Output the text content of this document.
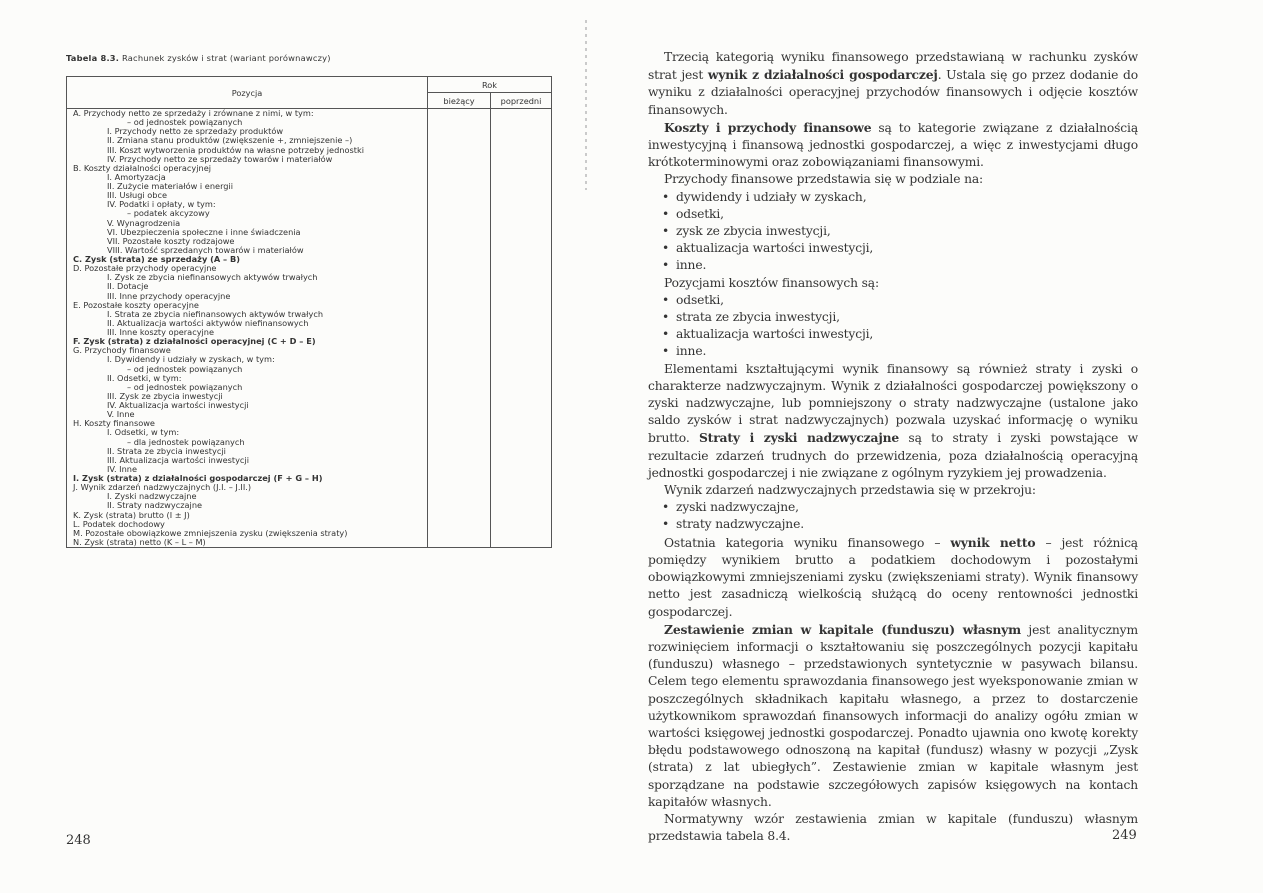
Tabela 8.3. Rachunek zysków i strat (wariant porównawczy)
Pozycja	Rok	
	bieżący	poprzedni
A. Przychody netto ze sprzedaży i zrównane z nimi, w tym:		
– od jednostek powiązanych		
I. Przychody netto ze sprzedaży produktów		
II. Zmiana stanu produktów (zwiększenie +, zmniejszenie –)		
III. Koszt wytworzenia produktów na własne potrzeby jednostki		
IV. Przychody netto ze sprzedaży towarów i materiałów		
B. Koszty działalności operacyjnej		
I. Amortyzacja		
II. Zużycie materiałów i energii		
III. Usługi obce		
IV. Podatki i opłaty, w tym:		
– podatek akcyzowy		
V. Wynagrodzenia		
VI. Ubezpieczenia społeczne i inne świadczenia		
VII. Pozostałe koszty rodzajowe		
VIII. Wartość sprzedanych towarów i materiałów		
C. Zysk (strata) ze sprzedaży (A – B)		
D. Pozostałe przychody operacyjne		
I. Zysk ze zbycia niefinansowych aktywów trwałych		
II. Dotacje		
III. Inne przychody operacyjne		
E. Pozostałe koszty operacyjne		
I. Strata ze zbycia niefinansowych aktywów trwałych		
II. Aktualizacja wartości aktywów niefinansowych		
III. Inne koszty operacyjne		
F. Zysk (strata) z działalności operacyjnej (C + D – E)		
G. Przychody finansowe		
I. Dywidendy i udziały w zyskach, w tym:		
– od jednostek powiązanych		
II. Odsetki, w tym:		
– od jednostek powiązanych		
III. Zysk ze zbycia inwestycji		
IV. Aktualizacja wartości inwestycji		
V. Inne		
H. Koszty finansowe		
I. Odsetki, w tym:		
– dla jednostek powiązanych		
II. Strata ze zbycia inwestycji		
III. Aktualizacja wartości inwestycji		
IV. Inne		
I. Zysk (strata) z działalności gospodarczej (F + G – H)		
J. Wynik zdarzeń nadzwyczajnych (J.I. – J.II.)		
I. Zyski nadzwyczajne		
II. Straty nadzwyczajne		
K. Zysk (strata) brutto (I ± J)		
L. Podatek dochodowy		
M. Pozostałe obowiązkowe zmniejszenia zysku (zwiększenia straty)		
N. Zysk (strata) netto (K – L – M)		
248

Trzecią kategorią wyniku finansowego przedstawianą w rachunku zysków strat jest wynik z działalności gospodarczej. Ustala się go przez dodanie do wyniku z działalności operacyjnej przychodów finansowych i odjęcie kosztów finansowych.

Koszty i przychody finansowe są to kategorie związane z działalnością inwestycyjną i finansową jednostki gospodarczej, a więc z inwestycjami długo krótkoterminowymi oraz zobowiązaniami finansowymi.

Przychody finansowe przedstawia się w podziale na:

• dywidendy i udziały w zyskach,

• odsetki,

• zysk ze zbycia inwestycji,

• aktualizacja wartości inwestycji,

• inne.

Pozycjami kosztów finansowych są:

• odsetki,

• strata ze zbycia inwestycji,

• aktualizacja wartości inwestycji,

• inne.

Elementami kształtującymi wynik finansowy są również straty i zyski o charakterze nadzwyczajnym. Wynik z działalności gospodarczej powiększony o zyski nadzwyczajne, lub pomniejszony o straty nadzwyczajne (ustalone jako saldo zysków i strat nadzwyczajnych) pozwala uzyskać informację o wyniku brutto. Straty i zyski nadzwyczajne są to straty i zyski powstające w rezultacie zdarzeń trudnych do przewidzenia, poza działalnością operacyjną jednostki gospodarczej i nie związane z ogólnym ryzykiem jej prowadzenia.

Wynik zdarzeń nadzwyczajnych przedstawia się w przekroju:

• zyski nadzwyczajne,

• straty nadzwyczajne.

Ostatnia kategoria wyniku finansowego – wynik netto – jest różnicą pomiędzy wynikiem brutto a podatkiem dochodowym i pozostałymi obowiązkowymi zmniejszeniami zysku (zwiększeniami straty). Wynik finansowy netto jest zasadniczą wielkością służącą do oceny rentowności jednostki gospodarczej.

Zestawienie zmian w kapitale (funduszu) własnym jest analitycznym rozwinięciem informacji o kształtowaniu się poszczególnych pozycji kapitału (funduszu) własnego – przedstawionych syntetycznie w pasywach bilansu. Celem tego elementu sprawozdania finansowego jest wyeksponowanie zmian w poszczególnych składnikach kapitału własnego, a przez to dostarczenie użytkownikom sprawozdań finansowych informacji do analizy ogółu zmian w wartości księgowej jednostki gospodarczej. Ponadto ujawnia ono kwotę korekty błędu podstawowego odnoszoną na kapitał (fundusz) własny w pozycji „Zysk (strata) z lat ubiegłych”. Zestawienie zmian w kapitale własnym jest sporządzane na podstawie szczegółowych zapisów księgowych na kontach kapitałów własnych.

Normatywny wzór zestawienia zmian w kapitale (funduszu) własnym przedstawia tabela 8.4.	249
